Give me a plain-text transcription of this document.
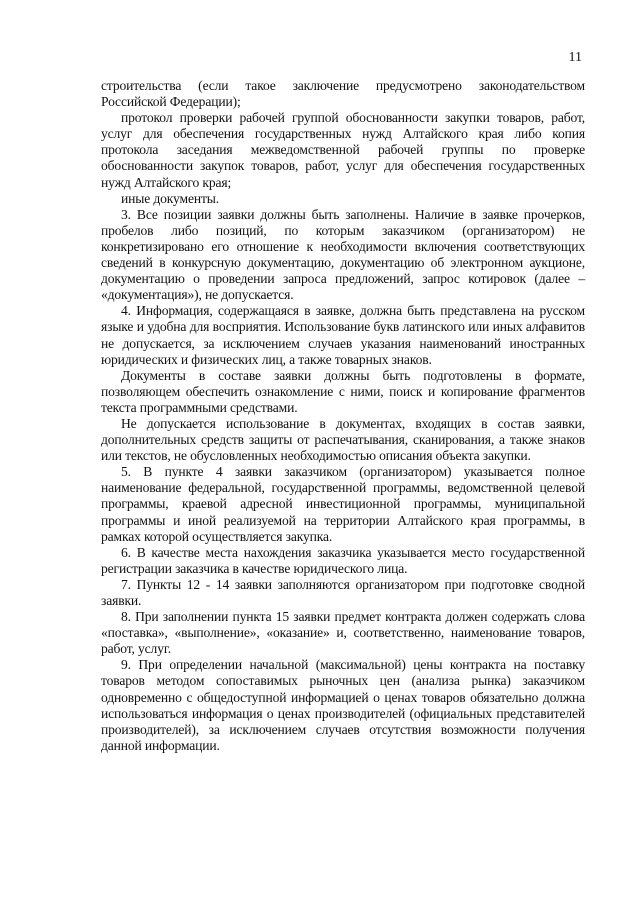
11

строительства (если такое заключение предусмотрено законодательством Российской Федерации);

протокол проверки рабочей группой обоснованности закупки товаров, работ, услуг для обеспечения государственных нужд Алтайского края либо копия протокола заседания межведомственной рабочей группы по проверке обоснованности закупок товаров, работ, услуг для обеспечения государственных нужд Алтайского края;

иные документы.

3. Все позиции заявки должны быть заполнены. Наличие в заявке прочерков, пробелов либо позиций, по которым заказчиком (организатором) не конкретизировано его отношение к необходимости включения соответствующих сведений в конкурсную документацию, документацию об электронном аукционе, документацию о проведении запроса предложений, запрос котировок (далее – «документация»), не допускается.

4. Информация, содержащаяся в заявке, должна быть представлена на русском языке и удобна для восприятия. Использование букв латинского или иных алфавитов не допускается, за исключением случаев указания наименований иностранных юридических и физических лиц, а также товарных знаков.

Документы в составе заявки должны быть подготовлены в формате, позволяющем обеспечить ознакомление с ними, поиск и копирование фрагментов текста программными средствами.

Не допускается использование в документах, входящих в состав заявки, дополнительных средств защиты от распечатывания, сканирования, а также знаков или текстов, не обусловленных необходимостью описания объекта закупки.

5. В пункте 4 заявки заказчиком (организатором) указывается полное наименование федеральной, государственной программы, ведомственной целевой программы, краевой адресной инвестиционной программы, муниципальной программы и иной реализуемой на территории Алтайского края программы, в рамках которой осуществляется закупка.

6. В качестве места нахождения заказчика указывается место государственной регистрации заказчика в качестве юридического лица.

7. Пункты 12 - 14 заявки заполняются организатором при подготовке сводной заявки.

8. При заполнении пункта 15 заявки предмет контракта должен содержать слова «поставка», «выполнение», «оказание» и, соответственно, наименование товаров, работ, услуг.

9. При определении начальной (максимальной) цены контракта на поставку товаров методом сопоставимых рыночных цен (анализа рынка) заказчиком одновременно с общедоступной информацией о ценах товаров обязательно должна использоваться информация о ценах производителей (официальных представителей производителей), за исключением случаев отсутствия возможности получения данной информации.
